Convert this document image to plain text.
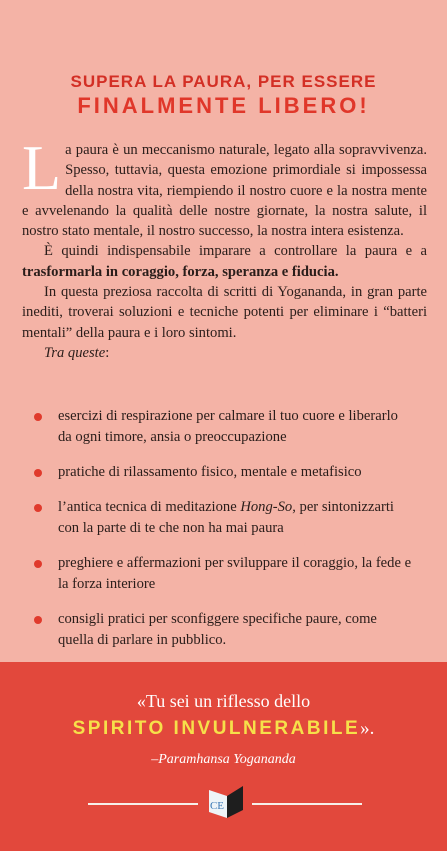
SUPERA LA PAURA, PER ESSERE
FINALMENTE LIBERO!
L a paura è un meccanismo naturale, legato alla sopravvivenza. Spesso, tuttavia, questa emozione primordiale si impossessa della nostra vita, riempiendo il nostro cuore e la nostra mente e avvelenando la qualità delle nostre giornate, la nostra salute, il nostro stato mentale, il nostro successo, la nostra intera esistenza.

È quindi indispensabile imparare a controllare la paura e a trasformarla in coraggio, forza, speranza e fiducia.

In questa preziosa raccolta di scritti di Yogananda, in gran parte inediti, troverai soluzioni e tecniche potenti per eliminare i “batteri mentali” della paura e i loro sintomi.

Tra queste:

esercizi di respirazione per calmare il tuo cuore e liberarlo da ogni timore, ansia o preoccupazione
pratiche di rilassamento fisico, mentale e metafisico
l’antica tecnica di meditazione Hong-So, per sintonizzarti con la parte di te che non ha mai paura
preghiere e affermazioni per sviluppare il coraggio, la fede e la forza interiore
consigli pratici per sconfiggere specifiche paure, come quella di parlare in pubblico.
«Tu sei un riflesso dello
SPIRITO INVULNERABILE».
–Paramhansa Yogananda
CE
